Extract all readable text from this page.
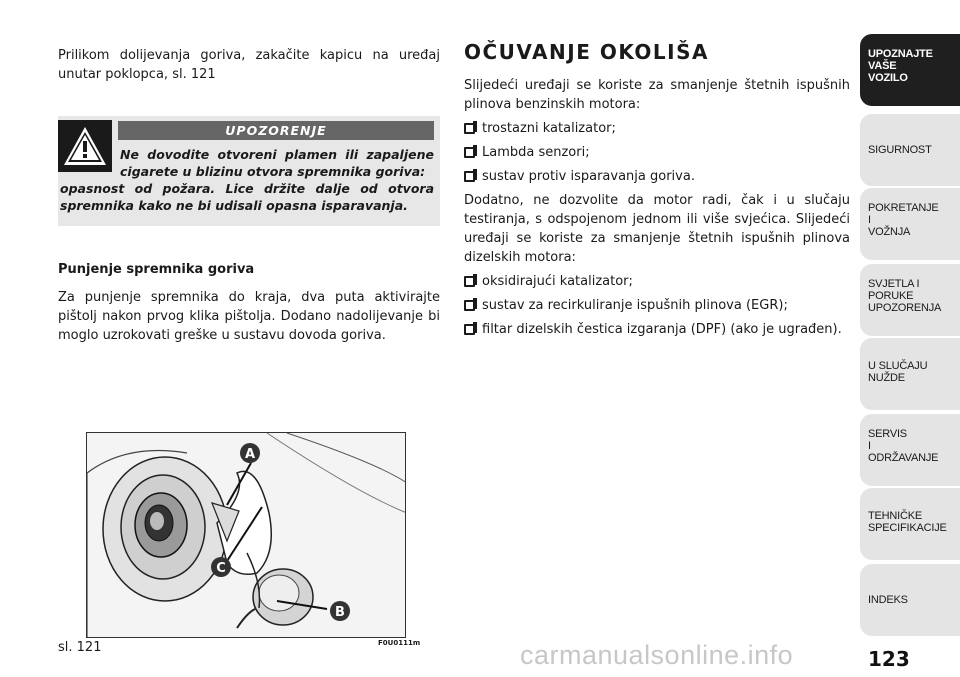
Prilikom dolijevanja goriva, zakačite kapicu na uređaj unutar poklopca, sl. 121

UPOZORENJE

Ne dovodite otvoreni plamen ili zapaljene cigarete u blizinu otvora spremnika goriva:

opasnost od požara. Lice držite dalje od otvora spremnika kako ne bi udisali opasna isparavanja.

Punjenje spremnika goriva

Za punjenje spremnika do kraja, dva puta aktivirajte pištolj nakon prvog klika pištolja. Dodano nadolijevanje bi moglo uzrokovati greške u sustavu dovoda goriva.

A
B
C
F0U0111m
sl. 121
OČUVANJE OKOLIŠA

Slijedeći uređaji se koriste za smanjenje štetnih ispušnih plinova benzinskih motora:

trostazni katalizator;
Lambda senzori;
sustav protiv isparavanja goriva.

Dodatno, ne dozvolite da motor radi, čak i u slučaju testiranja, s odspojenom jednom ili više svjećica. Slijedeći uređaji se koriste za smanjenje štetnih ispušnih plinova dizelskih motora:

oksidirajući katalizator;
sustav za recirkuliranje ispušnih plinova (EGR);
filtar dizelskih čestica izgaranja (DPF) (ako je ugrađen).
UPOZNAJTE
VAŠE
VOZILO
SIGURNOST
POKRETANJE
I
VOŽNJA
SVJETLA I
PORUKE
UPOZORENJA
U SLUČAJU
NUŽDE
SERVIS
I
ODRŽAVANJE
TEHNIČKE
SPECIFIKACIJE
INDEKS
123
carmanualsonline.info
